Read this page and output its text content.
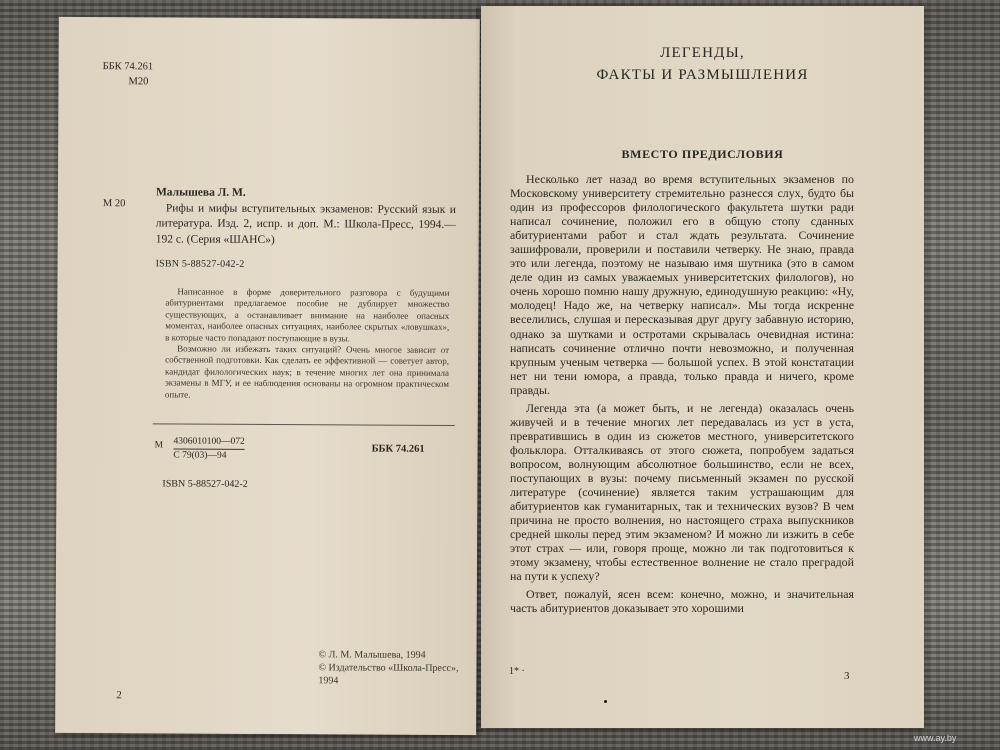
ББК 74.261
М20
М 20
Малышева Л. М.
Рифы и мифы вступительных экзаменов: Русский язык и литература. Изд. 2, испр. и доп. М.: Школа-Пресс, 1994.— 192 с. (Серия «ШАНС»)
ISBN 5-88527-042-2

Написанное в форме доверительного разговора с будущими абитуриентами предлагаемое пособие не дублирует множество существующих, а останавливает внимание на наиболее опасных моментах, наиболее опасных ситуациях, наиболее скрытых «ловушках», в которые часто попадают поступающие в вузы.

Возможно ли избежать таких ситуаций? Очень многое зависит от собственной подготовки. Как сделать ее эффективной — советует автор, кандидат филологических наук; в течение многих лет она принимала экзамены в МГУ, и ее наблюдения основаны на огромном практическом опыте.

М $\frac{4306010100—072}{С 79(03)—94}$	ББК 74.261
ISBN 5-88527-042-2
© Л. М. Малышева, 1994
© Издательство «Школа-Пресс», 1994
2
ЛЕГЕНДЫ,
ФАКТЫ И РАЗМЫШЛЕНИЯ
ВМЕСТО ПРЕДИСЛОВИЯ

Несколько лет назад во время вступительных экзаменов по Московскому университету стремительно разнесся слух, будто бы один из профессоров филологического факультета шутки ради написал сочинение, положил его в общую стопу сданных абитуриентами работ и стал ждать результата. Сочинение зашифровали, проверили и поставили четверку. Не знаю, правда это или легенда, поэтому не называю имя шутника (это в самом деле один из самых уважаемых университетских филологов), но очень хорошо помню нашу дружную, единодушную реакцию: «Ну, молодец! Надо же, на четверку написал». Мы тогда искренне веселились, слушая и пересказывая друг другу забавную историю, однако за шутками и остротами скрывалась очевидная истина: написать сочинение отлично почти невозможно, и полученная крупным ученым четверка — большой успех. В этой констатации нет ни тени юмора, а правда, только правда и ничего, кроме правды.

Легенда эта (а может быть, и не легенда) оказалась очень живучей и в течение многих лет передавалась из уст в уста, превратившись в один из сюжетов местного, университетского фольклора. Отталкиваясь от этого сюжета, попробуем задаться вопросом, волнующим абсолютное большинство, если не всех, поступающих в вузы: почему письменный экзамен по русской литературе (сочинение) является таким устрашающим для абитуриентов как гуманитарных, так и технических вузов? В чем причина не просто волнения, но настоящего страха выпускников средней школы перед этим экзаменом? И можно ли изжить в себе этот страх — или, говоря проще, можно ли так подготовиться к этому экзамену, чтобы естественное волнение не стало преградой на пути к успеху?

Ответ, пожалуй, ясен всем: конечно, можно, и значительная часть абитуриентов доказывает это хорошими

1* ·	3
www.ay.by
